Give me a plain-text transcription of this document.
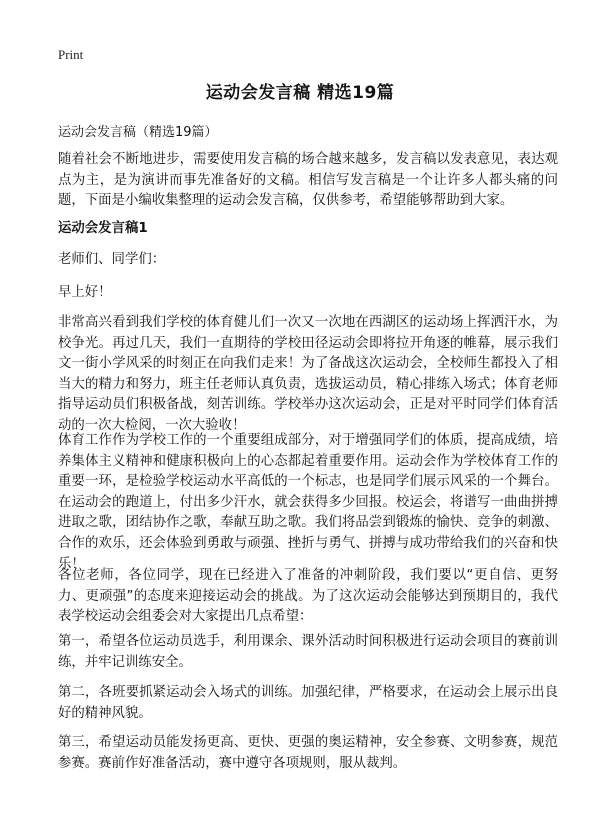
Print
运动会发言稿 精选19篇
运动会发言稿（精选19篇）

随着社会不断地进步，需要使用发言稿的场合越来越多，发言稿以发表意见，表达观点为主，是为演讲而事先准备好的文稿。相信写发言稿是一个让许多人都头痛的问题，下面是小编收集整理的运动会发言稿，仅供参考，希望能够帮助到大家。

运动会发言稿1
老师们、同学们：
早上好！

非常高兴看到我们学校的体育健儿们一次又一次地在西湖区的运动场上挥洒汗水，为校争光。再过几天，我们一直期待的学校田径运动会即将拉开角逐的帷幕，展示我们文一街小学风采的时刻正在向我们走来！为了备战这次运动会，全校师生都投入了相当大的精力和努力，班主任老师认真负责，选拔运动员，精心排练入场式；体育老师指导运动员们积极备战，刻苦训练。学校举办这次运动会，正是对平时同学们体育活动的一次大检阅，一次大验收！

体育工作作为学校工作的一个重要组成部分，对于增强同学们的体质，提高成绩，培养集体主义精神和健康积极向上的心态都起着重要作用。运动会作为学校体育工作的重要一环，是检验学校运动水平高低的一个标志，也是同学们展示风采的一个舞台。在运动会的跑道上，付出多少汗水，就会获得多少回报。校运会，将谱写一曲曲拼搏进取之歌，团结协作之歌，奉献互助之歌。我们将品尝到锻炼的愉快、竞争的刺激、合作的欢乐，还会体验到勇敢与顽强、挫折与勇气、拼搏与成功带给我们的兴奋和快乐！

各位老师，各位同学，现在已经进入了准备的冲刺阶段，我们要以“更自信、更努力、更顽强”的态度来迎接运动会的挑战。为了这次运动会能够达到预期目的，我代表学校运动会组委会对大家提出几点希望：

第一，希望各位运动员选手，利用课余、课外活动时间积极进行运动会项目的赛前训练，并牢记训练安全。

第二，各班要抓紧运动会入场式的训练。加强纪律，严格要求，在运动会上展示出良好的精神风貌。

第三，希望运动员能发扬更高、更快、更强的奥运精神，安全参赛、文明参赛，规范参赛。赛前作好准备活动，赛中遵守各项规则，服从裁判。
